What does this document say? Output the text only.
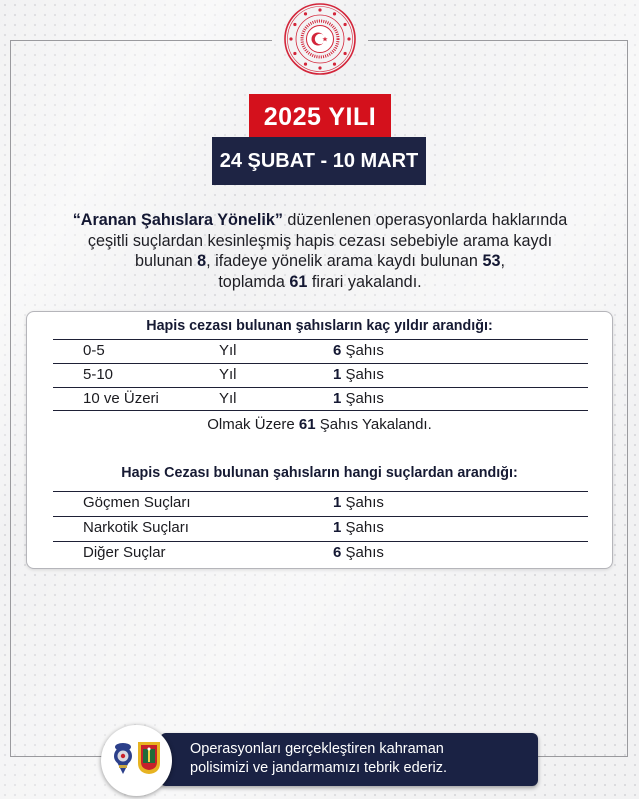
2025 YILI
24 ŞUBAT - 10 MART
“Aranan Şahıslara Yönelik” düzenlenen operasyonlarda haklarında
çeşitli suçlardan kesinleşmiş hapis cezası sebebiyle arama kaydı
bulunan 8, ifadeye yönelik arama kaydı bulunan 53,
toplamda 61 firari yakalandı.
Hapis cezası bulunan şahısların kaç yıldır arandığı:
0-5	Yıl	6 Şahıs
5-10	Yıl	1 Şahıs
10 ve Üzeri	Yıl	1 Şahıs
Olmak Üzere 61 Şahıs Yakalandı.
Hapis Cezası bulunan şahısların hangi suçlardan arandığı:
Göçmen Suçları	1 Şahıs
Narkotik Suçları	1 Şahıs
Diğer Suçlar	6 Şahıs
Operasyonları gerçekleştiren kahraman
polisimizi ve jandarmamızı tebrik ederiz.
